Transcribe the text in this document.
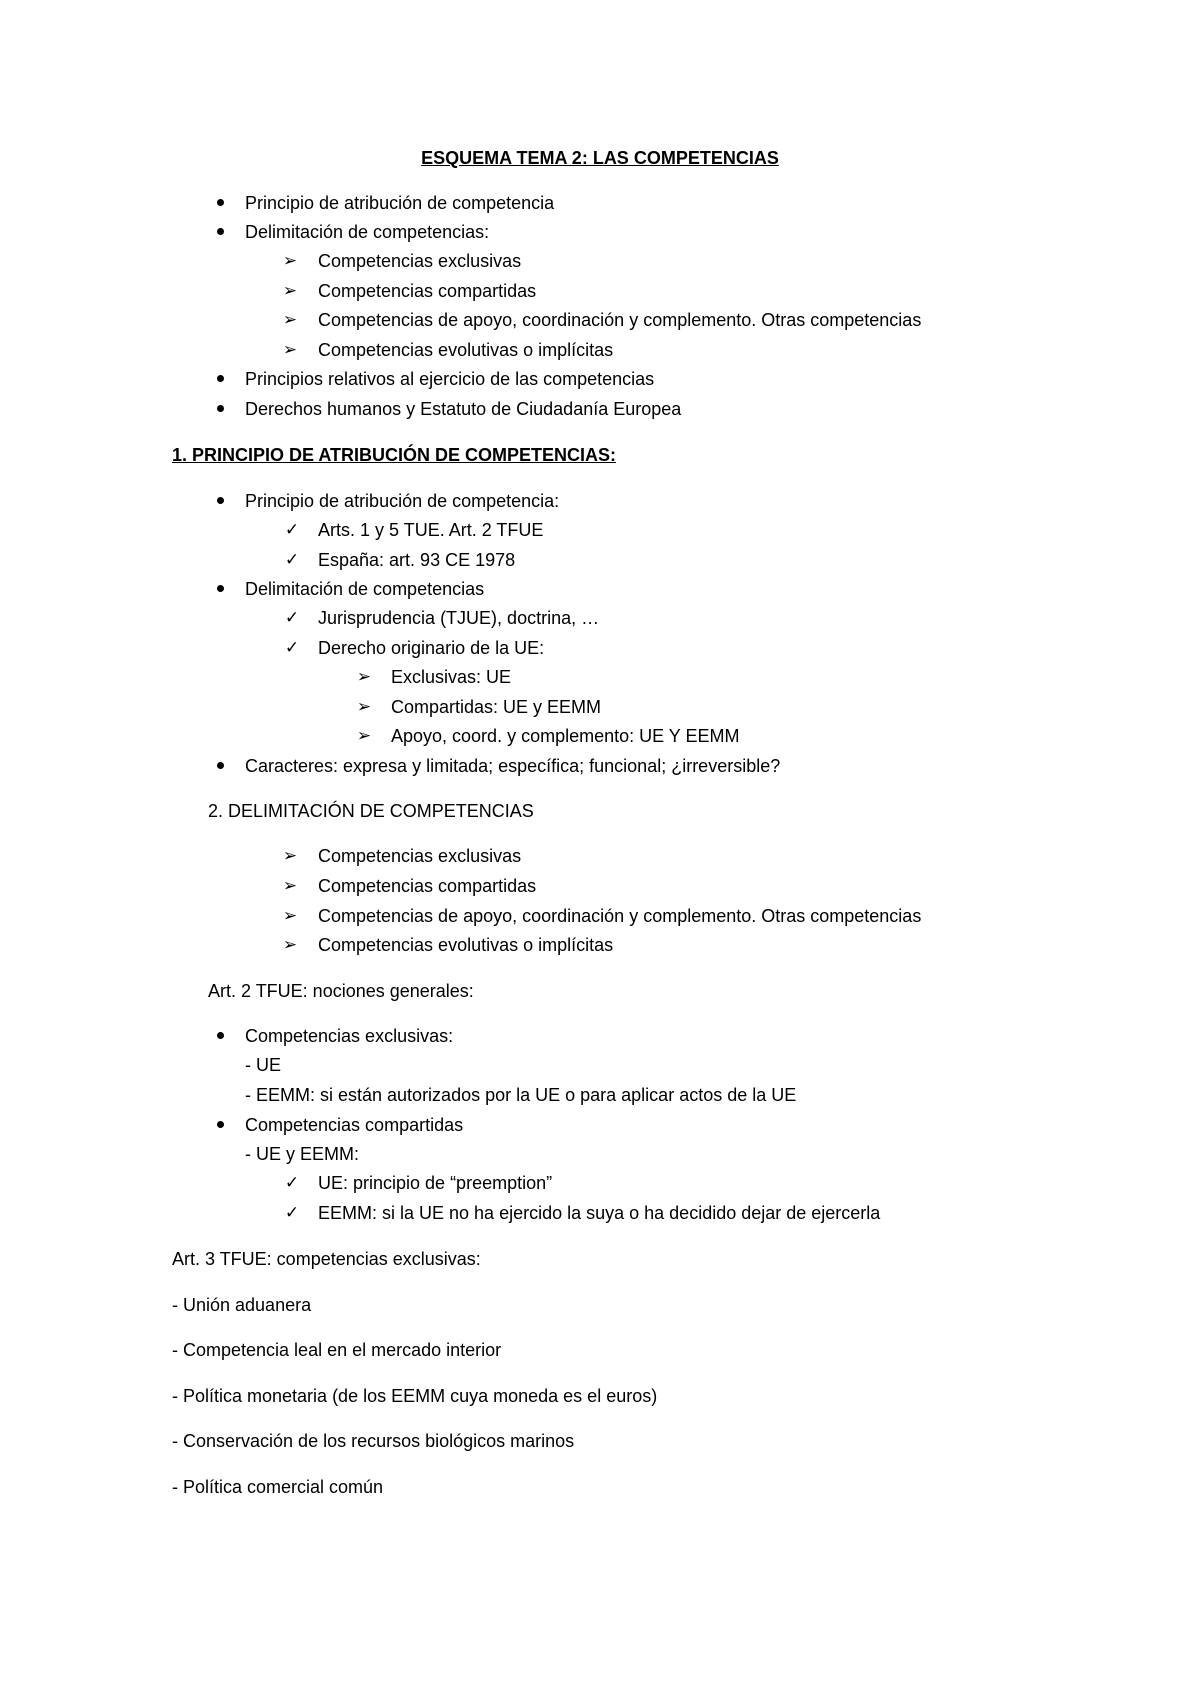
ESQUEMA TEMA 2: LAS COMPETENCIAS
Principio de atribución de competencia
Delimitación de competencias:
➢ Competencias exclusivas
➢ Competencias compartidas
➢ Competencias de apoyo, coordinación y complemento. Otras competencias
➢ Competencias evolutivas o implícitas
Principios relativos al ejercicio de las competencias
Derechos humanos y Estatuto de Ciudadanía Europea
1. PRINCIPIO DE ATRIBUCIÓN DE COMPETENCIAS:
Principio de atribución de competencia:
✓ Arts. 1 y 5 TUE. Art. 2 TFUE
✓ España: art. 93 CE 1978
Delimitación de competencias
✓ Jurisprudencia (TJUE), doctrina, …
✓ Derecho originario de la UE:
➢ Exclusivas: UE
➢ Compartidas: UE y EEMM
➢ Apoyo, coord. y complemento: UE Y EEMM
Caracteres: expresa y limitada; específica; funcional; ¿irreversible?
2. DELIMITACIÓN DE COMPETENCIAS
➢ Competencias exclusivas
➢ Competencias compartidas
➢ Competencias de apoyo, coordinación y complemento. Otras competencias
➢ Competencias evolutivas o implícitas
Art. 2 TFUE: nociones generales:
Competencias exclusivas:
- UE
- EEMM: si están autorizados por la UE o para aplicar actos de la UE
Competencias compartidas
- UE y EEMM:
✓ UE: principio de “preemption”
✓ EEMM: si la UE no ha ejercido la suya o ha decidido dejar de ejercerla
Art. 3 TFUE: competencias exclusivas:
- Unión aduanera
- Competencia leal en el mercado interior
- Política monetaria (de los EEMM cuya moneda es el euros)
- Conservación de los recursos biológicos marinos
- Política comercial común
